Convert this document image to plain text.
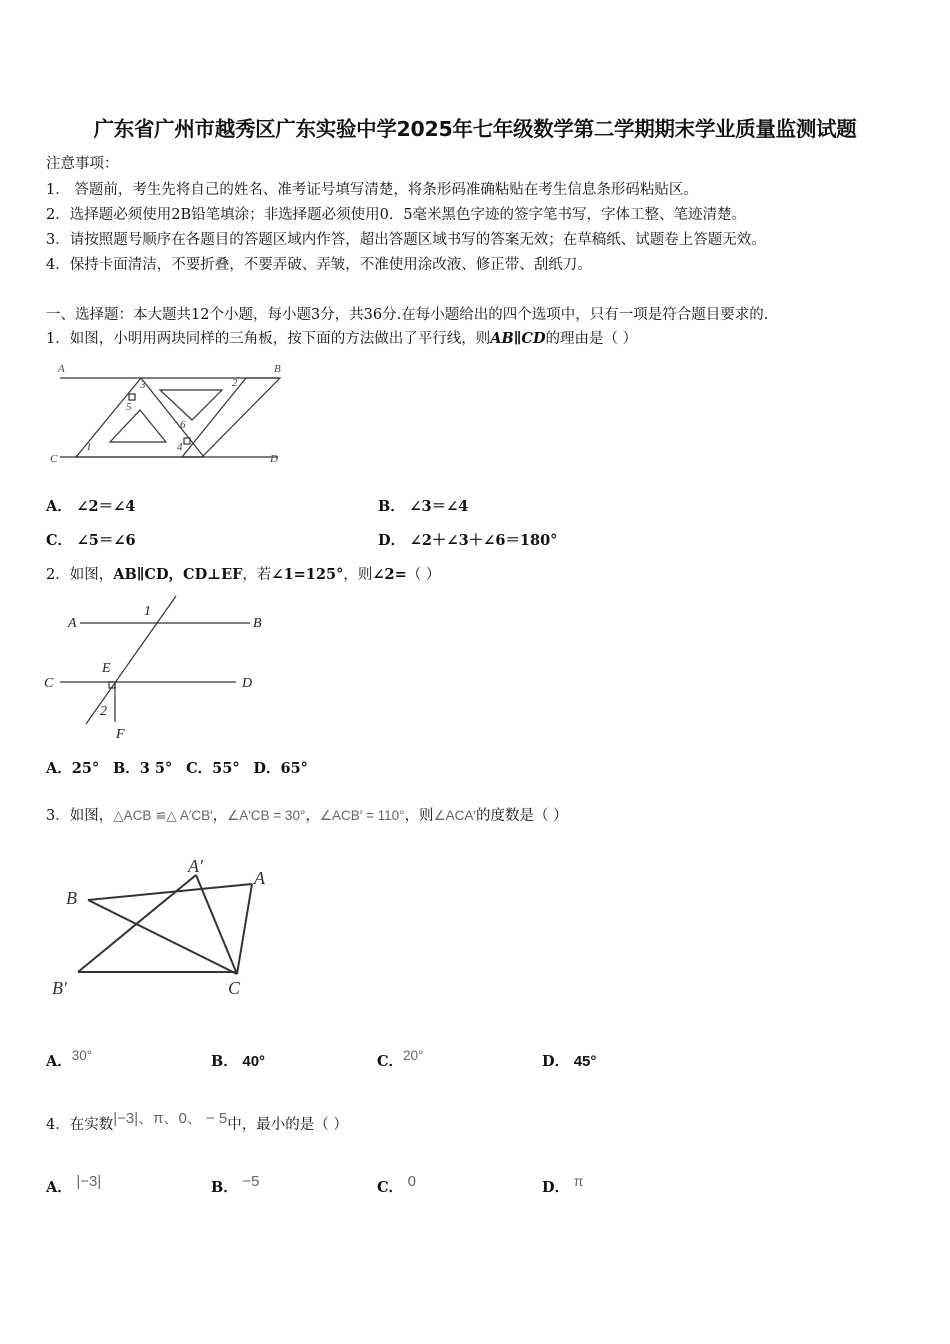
广东省广州市越秀区广东实验中学2025年七年级数学第二学期期末学业质量监测试题
注意事项：
1． 答题前，考生先将自己的姓名、准考证号填写清楚，将条形码准确粘贴在考生信息条形码粘贴区。
2．选择题必须使用2B铅笔填涂；非选择题必须使用0．5毫米黑色字迹的签字笔书写，字体工整、笔迹清楚。
3．请按照题号顺序在各题目的答题区域内作答，超出答题区域书写的答案无效；在草稿纸、试题卷上答题无效。
4．保持卡面清洁，不要折叠，不要弄破、弄皱，不准使用涂改液、修正带、刮纸刀。
一、选择题：本大题共12个小题，每小题3分，共36分.在每小题给出的四个选项中，只有一项是符合题目要求的.
1．如图，小明用两块同样的三角板，按下面的方法做出了平行线，则AB∥CD的理由是（ ）
A	B
C	D
1
2
3
4
5
6
A． ∠2＝∠4	B． ∠3＝∠4
C． ∠5＝∠6	D． ∠2＋∠3＋∠6＝180°
2．如图，AB∥CD，CD⊥EF，若∠1=125°，则∠2=（ ）
A	B
C	D
E
F
1
2
A．25° B．3 5° C．55° D．65°
3．如图，△ACB ≌△ A′CB′，∠A′CB = 30°，∠ACB′ = 110°，则∠ACA′的度数是（ ）
B
A′
A
B′	C
A．30°	B． 40°	C．20°	D． 45°
4．在实数|−3|、π、0、 − 5中，最小的是（ ）
A． |−3|	B． −5	C． 0	D． π
